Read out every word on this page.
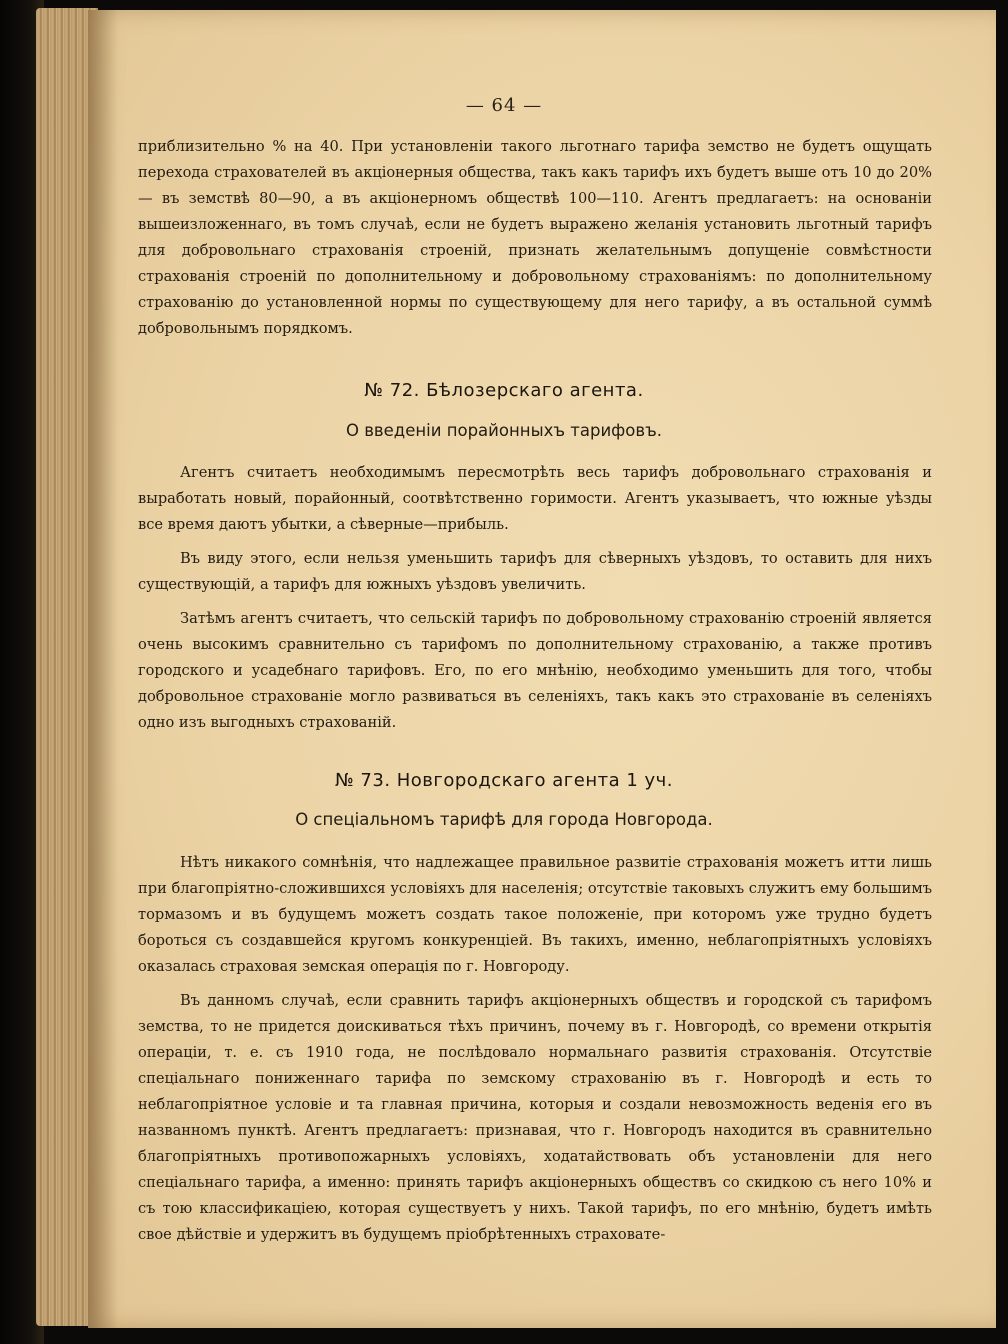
— 64 —

приблизительно % на 40. При установленіи такого льготнаго тарифа земство не будетъ ощущать перехода страхователей въ акціонерныя общества, такъ какъ тарифъ ихъ будетъ выше отъ 10 до 20% — въ земствѣ 80—90, а въ акціонерномъ обществѣ 100—110. Агентъ предлагаетъ: на основаніи вышеизложеннаго, въ томъ случаѣ, если не будетъ выражено желанія установить льготный тарифъ для добровольнаго страхованія строеній, признать желательнымъ допущеніе совмѣстности страхованія строеній по дополнительному и добровольному страхованіямъ: по дополнительному страхованію до установленной нормы по существующему для него тарифу, а въ остальной суммѣ добровольнымъ порядкомъ.

№ 72. Бѣлозерскаго агента.
О введеніи порайонныхъ тарифовъ.

Агентъ считаетъ необходимымъ пересмотрѣть весь тарифъ добровольнаго страхованія и выработать новый, порайонный, соотвѣтственно горимости. Агентъ указываетъ, что южные уѣзды все время даютъ убытки, а сѣверные—прибыль.

Въ виду этого, если нельзя уменьшить тарифъ для сѣверныхъ уѣздовъ, то оставить для нихъ существующій, а тарифъ для южныхъ уѣздовъ увеличить.

Затѣмъ агентъ считаетъ, что сельскій тарифъ по добровольному страхованію строеній является очень высокимъ сравнительно съ тарифомъ по дополнительному страхованію, а также противъ городского и усадебнаго тарифовъ. Его, по его мнѣнію, необходимо уменьшить для того, чтобы добровольное страхованіе могло развиваться въ селеніяхъ, такъ какъ это страхованіе въ селеніяхъ одно изъ выгодныхъ страхованій.

№ 73. Новгородскаго агента 1 уч.
О спеціальномъ тарифѣ для города Новгорода.

Нѣтъ никакого сомнѣнія, что надлежащее правильное развитіе страхованія можетъ итти лишь при благопріятно-сложившихся условіяхъ для населенія; отсутствіе таковыхъ служитъ ему большимъ тормазомъ и въ будущемъ можетъ создать такое положеніе, при которомъ уже трудно будетъ бороться съ создавшейся кругомъ конкуренціей. Въ такихъ, именно, неблагопріятныхъ условіяхъ оказалась страховая земская операція по г. Новгороду.

Въ данномъ случаѣ, если сравнить тарифъ акціонерныхъ обществъ и городской съ тарифомъ земства, то не придется доискиваться тѣхъ причинъ, почему въ г. Новгородѣ, со времени открытія операціи, т. е. съ 1910 года, не послѣдовало нормальнаго развитія страхованія. Отсутствіе спеціальнаго пониженнаго тарифа по земскому страхованію въ г. Новгородѣ и есть то неблагопріятное условіе и та главная причина, которыя и создали невозможность веденія его въ названномъ пунктѣ. Агентъ предлагаетъ: признавая, что г. Новгородъ находится въ сравнительно благопріятныхъ противопожарныхъ условіяхъ, ходатайствовать объ установленіи для него спеціальнаго тарифа, а именно: принять тарифъ акціонерныхъ обществъ со скидкою съ него 10% и съ тою классификаціею, которая существуетъ у нихъ. Такой тарифъ, по его мнѣнію, будетъ имѣть свое дѣйствіе и удержитъ въ будущемъ пріобрѣтенныхъ страховате-
